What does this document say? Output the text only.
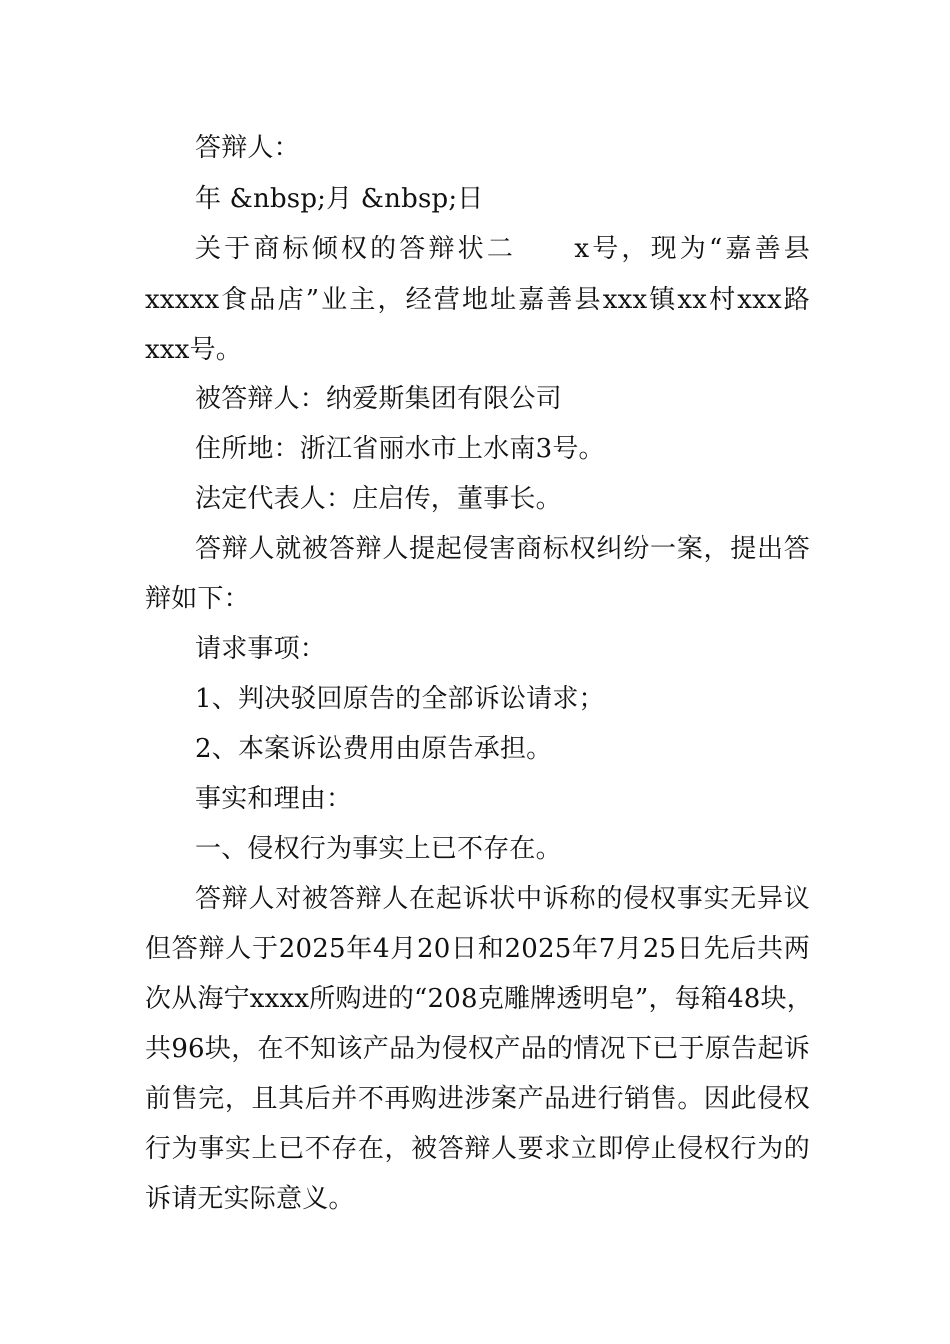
答辩人：
年 &nbsp;月 &nbsp;日
关于商标倾权的答辩状二　　x号，现为“嘉善县
xxxxx食品店”业主，经营地址嘉善县xxx镇xx村xxx路
xxx号。
被答辩人：纳爱斯集团有限公司
住所地：浙江省丽水市上水南3号。
法定代表人：庄启传，董事长。
答辩人就被答辩人提起侵害商标权纠纷一案，提出答
辩如下：
请求事项：
1、判决驳回原告的全部诉讼请求；
2、本案诉讼费用由原告承担。
事实和理由：
一、侵权行为事实上已不存在。
答辩人对被答辩人在起诉状中诉称的侵权事实无异议
但答辩人于2025年4月20日和2025年7月25日先后共两
次从海宁xxxx所购进的“208克雕牌透明皂”，每箱48块，
共96块，在不知该产品为侵权产品的情况下已于原告起诉
前售完，且其后并不再购进涉案产品进行销售。因此侵权
行为事实上已不存在，被答辩人要求立即停止侵权行为的
诉请无实际意义。
